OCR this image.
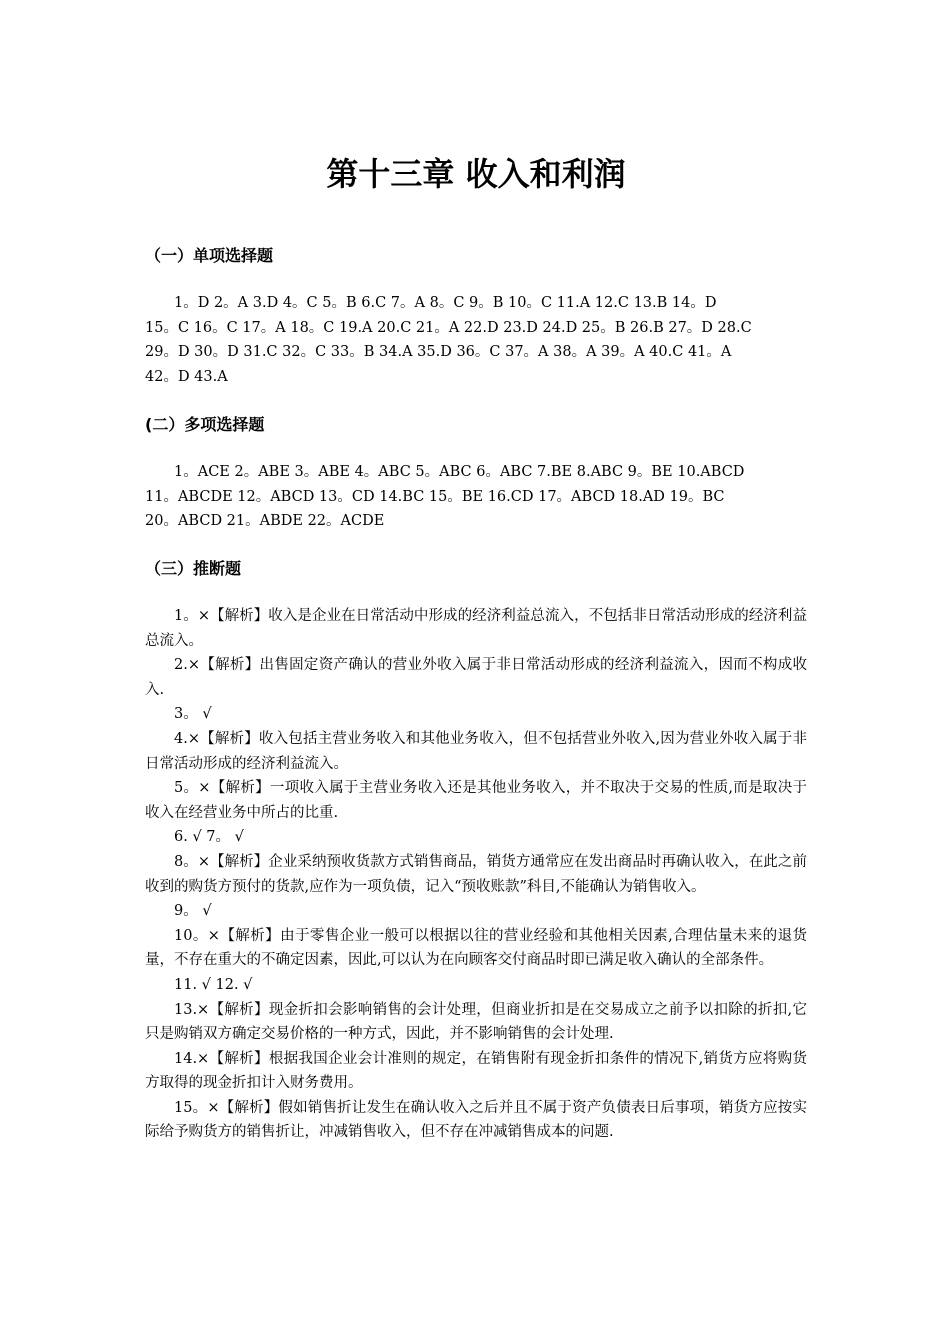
第十三章 收入和利润
（一）单项选择题
1。D 2。A 3.D 4。C 5。B 6.C 7。A 8。C 9。B 10。C 11.A 12.C 13.B 14。D
15。C 16。C 17。A 18。C 19.A 20.C 21。A 22.D 23.D 24.D 25。B 26.B 27。D 28.C
29。D 30。D 31.C 32。C 33。B 34.A 35.D 36。C 37。A 38。A 39。A 40.C 41。A
42。D 43.A
(二）多项选择题
1。ACE 2。ABE 3。ABE 4。ABC 5。ABC 6。ABC 7.BE 8.ABC 9。BE 10.ABCD
11。ABCDE 12。ABCD 13。CD 14.BC 15。BE 16.CD 17。ABCD 18.AD 19。BC
20。ABCD 21。ABDE 22。ACDE
（三）推断题

1。×【解析】收入是企业在日常活动中形成的经济利益总流入，不包括非日常活动形成的经济利益总流入。

2.×【解析】出售固定资产确认的营业外收入属于非日常活动形成的经济利益流入，因而不构成收入.

3。 √

4.×【解析】收入包括主营业务收入和其他业务收入，但不包括营业外收入,因为营业外收入属于非日常活动形成的经济利益流入。

5。×【解析】一项收入属于主营业务收入还是其他业务收入，并不取决于交易的性质,而是取决于收入在经营业务中所占的比重.

6. √ 7。 √

8。×【解析】企业采纳预收货款方式销售商品，销货方通常应在发出商品时再确认收入，在此之前收到的购货方预付的货款,应作为一项负债，记入“预收账款”科目,不能确认为销售收入。

9。 √

10。×【解析】由于零售企业一般可以根据以往的营业经验和其他相关因素,合理估量未来的退货量，不存在重大的不确定因素，因此,可以认为在向顾客交付商品时即已满足收入确认的全部条件。

11. √ 12. √

13.×【解析】现金折扣会影响销售的会计处理，但商业折扣是在交易成立之前予以扣除的折扣,它只是购销双方确定交易价格的一种方式，因此，并不影响销售的会计处理.

14.×【解析】根据我国企业会计准则的规定，在销售附有现金折扣条件的情况下,销货方应将购货方取得的现金折扣计入财务费用。

15。×【解析】假如销售折让发生在确认收入之后并且不属于资产负债表日后事项，销货方应按实际给予购货方的销售折让，冲减销售收入，但不存在冲减销售成本的问题.
